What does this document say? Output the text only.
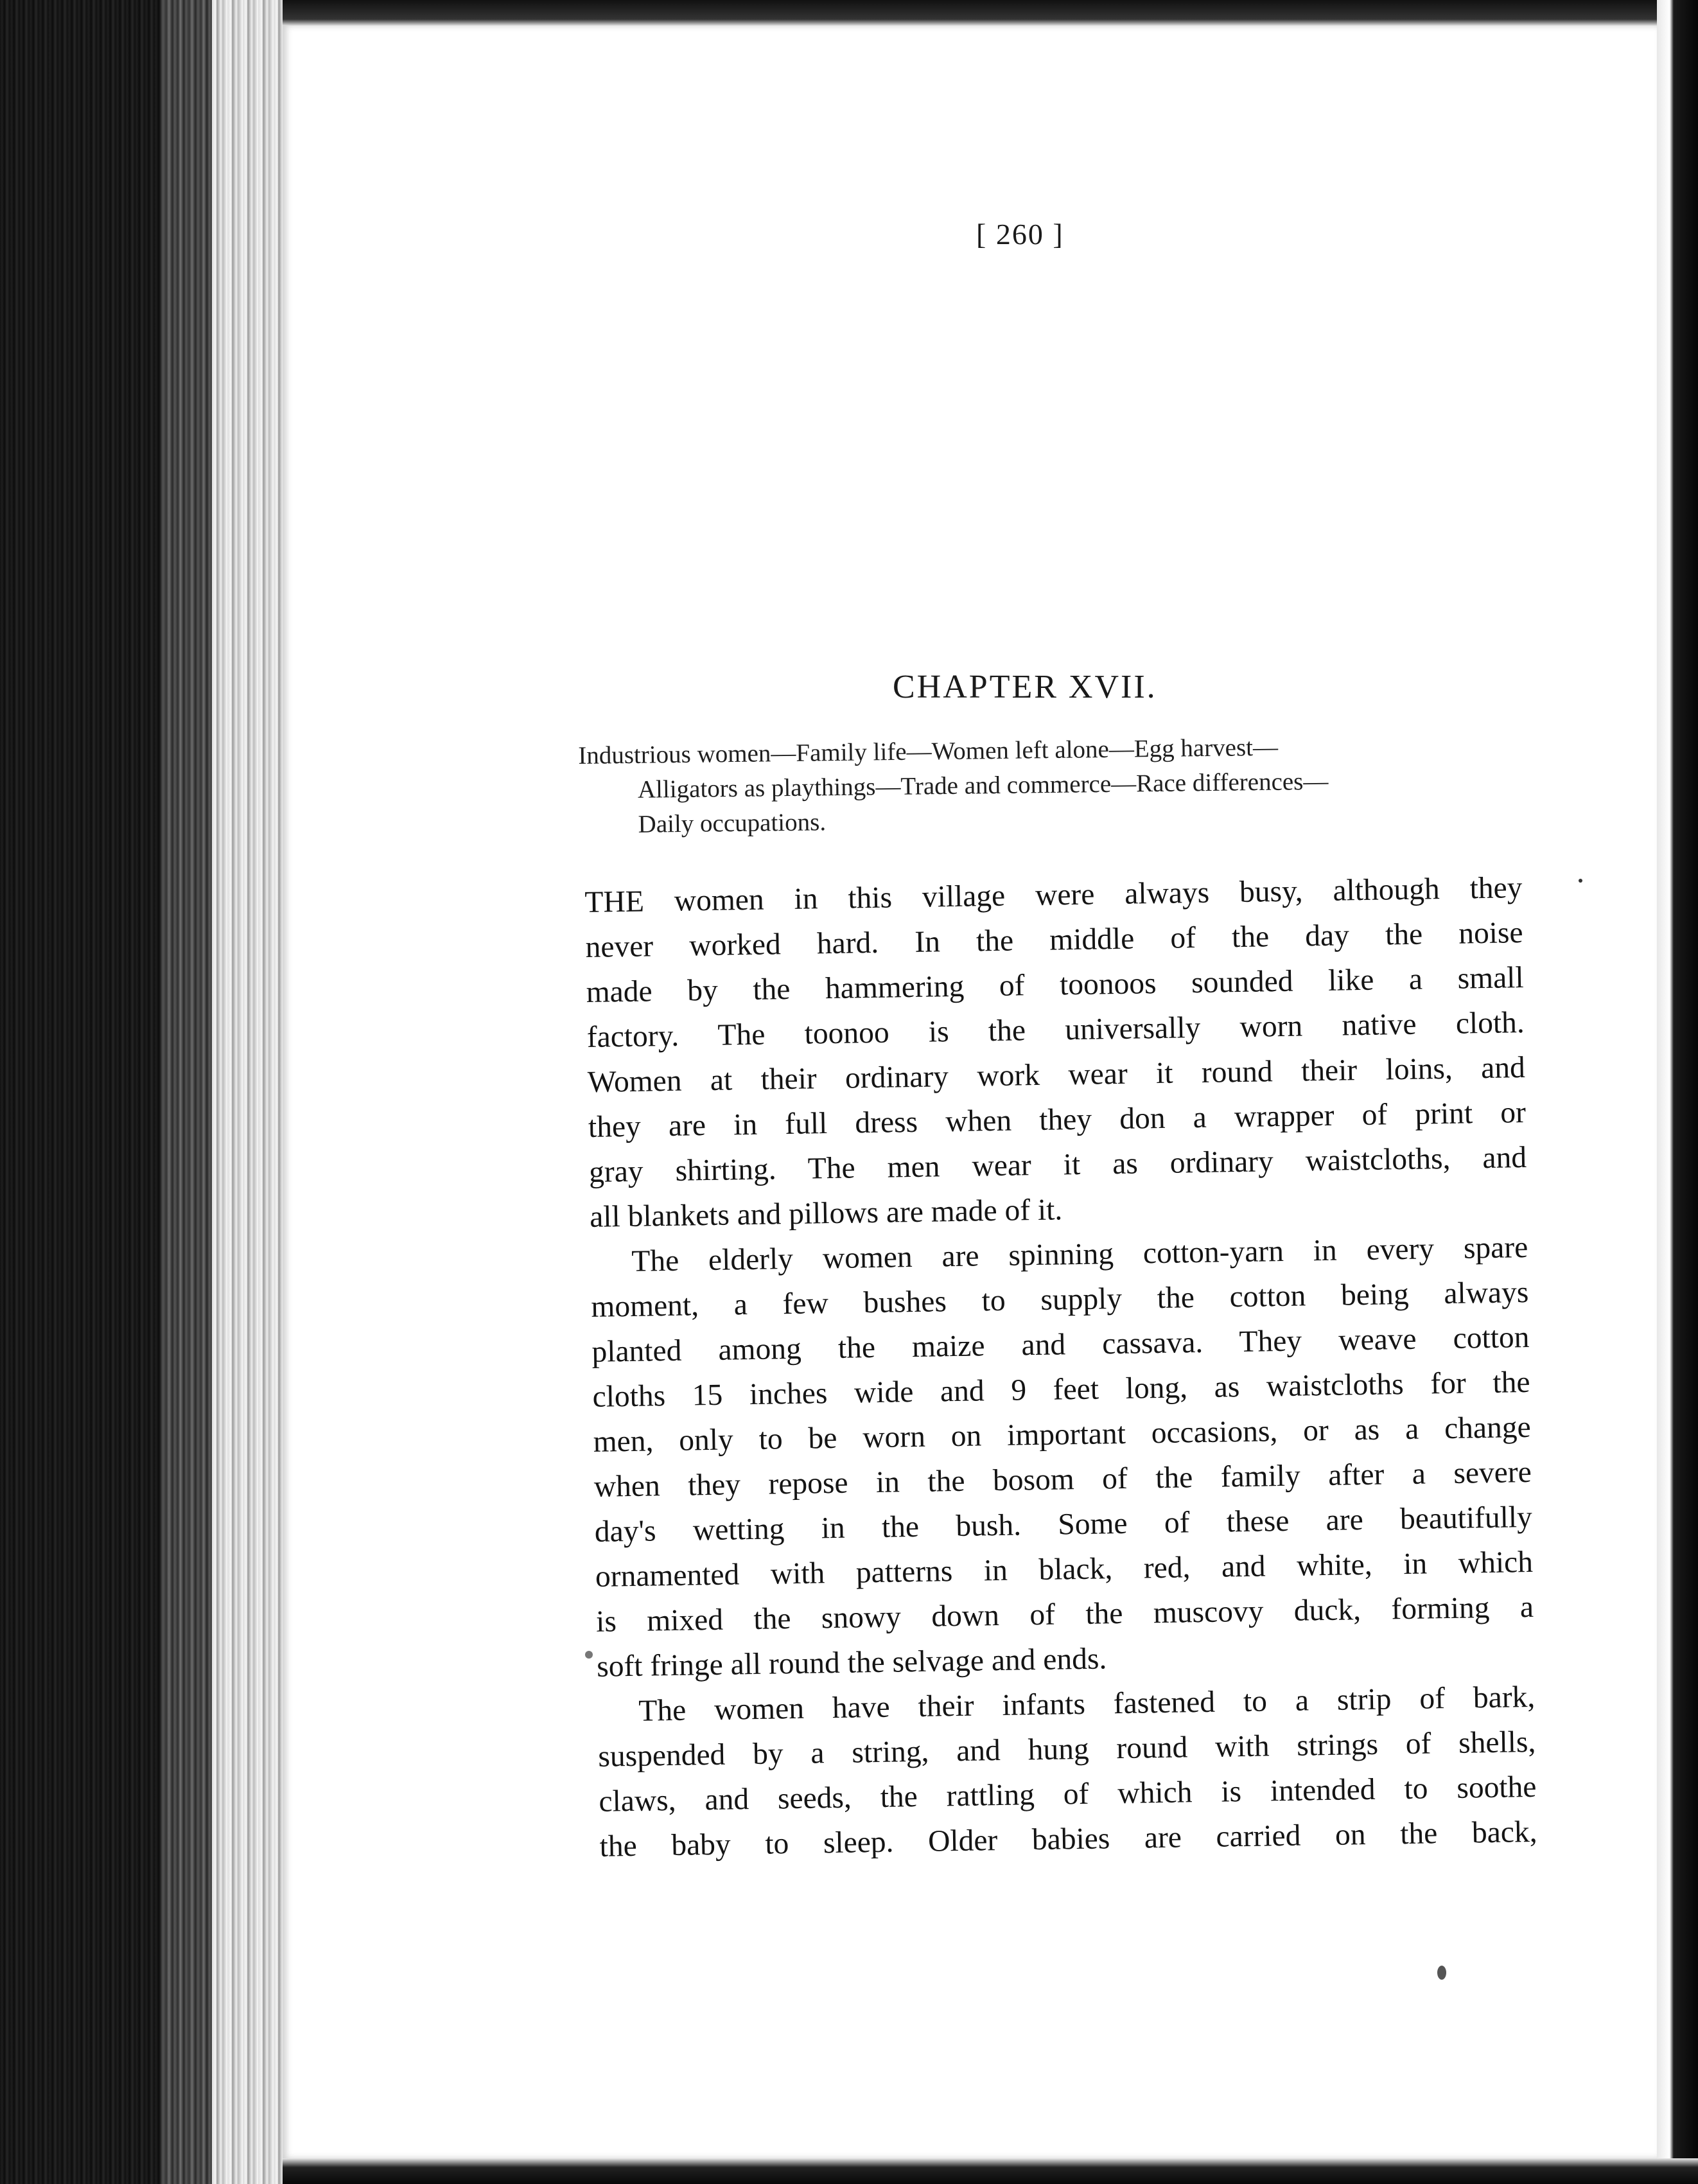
[ 260 ]
CHAPTER XVII.

Industrious women—Family life—Women left alone—Egg harvest—
Alligators as playthings—Trade and commerce—Race differences—
Daily occupations.

THE women in this village were always busy, although they
never worked hard. In the middle of the day the noise
made by the hammering of toonoos sounded like a small
factory. The toonoo is the universally worn native cloth.
Women at their ordinary work wear it round their loins, and
they are in full dress when they don a wrapper of print or
gray shirting. The men wear it as ordinary waistcloths, and
all blankets and pillows are made of it.
The elderly women are spinning cotton-yarn in every spare
moment, a few bushes to supply the cotton being always
planted among the maize and cassava. They weave cotton
cloths 15 inches wide and 9 feet long, as waistcloths for the
men, only to be worn on important occasions, or as a change
when they repose in the bosom of the family after a severe
day's wetting in the bush. Some of these are beautifully
ornamented with patterns in black, red, and white, in which
is mixed the snowy down of the muscovy duck, forming a
soft fringe all round the selvage and ends.
The women have their infants fastened to a strip of bark,
suspended by a string, and hung round with strings of shells,
claws, and seeds, the rattling of which is intended to soothe
the baby to sleep. Older babies are carried on the back,
